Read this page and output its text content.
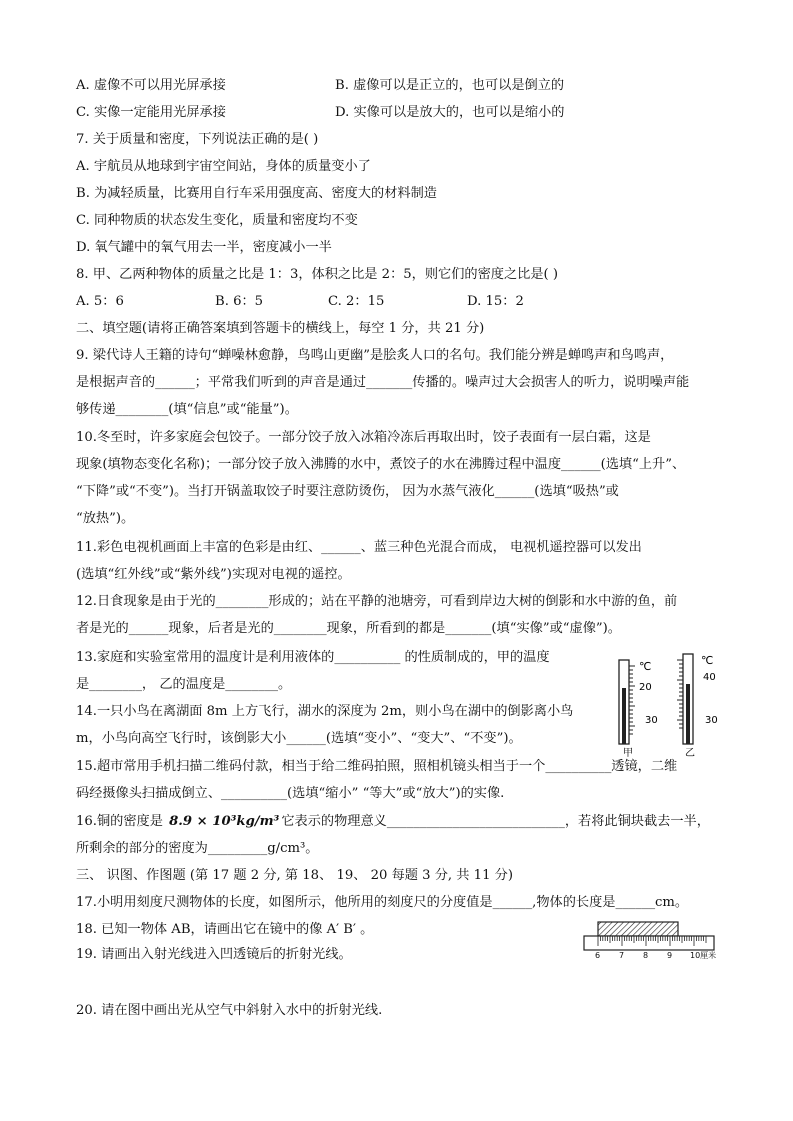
A. 虚像不可以用光屏承接	B. 虚像可以是正立的，也可以是倒立的
C. 实像一定能用光屏承接	D. 实像可以是放大的，也可以是缩小的
7. 关于质量和密度，下列说法正确的是( )
A. 宇航员从地球到宇宙空间站，身体的质量变小了
B. 为减轻质量，比赛用自行车采用强度高、密度大的材料制造
C. 同种物质的状态发生变化，质量和密度均不变
D. 氧气罐中的氧气用去一半，密度减小一半
8. 甲、乙两种物体的质量之比是 1：3，体积之比是 2：5，则它们的密度之比是( )
A. 5：6	B. 6：5	C. 2：15	D. 15：2
二、填空题(请将正确答案填到答题卡的横线上，每空 1 分，共 21 分)
9. 梁代诗人王籍的诗句“蝉噪林愈静，鸟鸣山更幽”是脍炙人口的名句。我们能分辨是蝉鸣声和鸟鸣声，
是根据声音的______；平常我们听到的声音是通过_______传播的。噪声过大会损害人的听力，说明噪声能
够传递________(填“信息”或“能量”)。
10.冬至时，许多家庭会包饺子。一部分饺子放入冰箱冷冻后再取出时，饺子表面有一层白霜，这是
现象(填物态变化名称)；一部分饺子放入沸腾的水中，煮饺子的水在沸腾过程中温度______(选填“上升”、
“下降”或“不变”)。当打开锅盖取饺子时要注意防烫伤， 因为水蒸气液化______(选填“吸热”或
“放热”)。
11.彩色电视机画面上丰富的色彩是由红、______、蓝三种色光混合而成， 电视机遥控器可以发出
(选填“红外线”或“紫外线”)实现对电视的遥控。
12.日食现象是由于光的________形成的；站在平静的池塘旁，可看到岸边大树的倒影和水中游的鱼，前
者是光的______现象，后者是光的________现象，所看到的都是_______(填“实像”或“虚像”)。
13.家庭和实验室常用的温度计是利用液体的__________ 的性质制成的，甲的温度
是________， 乙的温度是________。
14.一只小鸟在离湖面 8m 上方飞行，湖水的深度为 2m，则小鸟在湖中的倒影离小鸟
m，小鸟向高空飞行时，该倒影大小______(选填“变小”、“变大”、“不变”)。
15.超市常用手机扫描二维码付款，相当于给二维码拍照，照相机镜头相当于一个__________透镜，二维
码经摄像头扫描成倒立、__________(选填“缩小” “等大”或“放大”)的实像.
16.铜的密度是 8.9 × 10³kg/m³ 它表示的物理意义___________________________，若将此铜块截去一半，
所剩余的部分的密度为_________g/cm³。
三、 识图、作图题 (第 17 题 2 分, 第 18、 19、 20 每题 3 分, 共 11 分)
17.小明用刻度尺测物体的长度，如图所示，他所用的刻度尺的分度值是______,物体的长度是______cm。
18. 已知一物体 AB，请画出它在镜中的像 A′ B′ 。
19. 请画出入射光线进入凹透镜后的折射光线。
20. 请在图中画出光从空气中斜射入水中的折射光线.
℃
20
30
甲
℃
40
30
乙
6 7 8 9 10厘米
